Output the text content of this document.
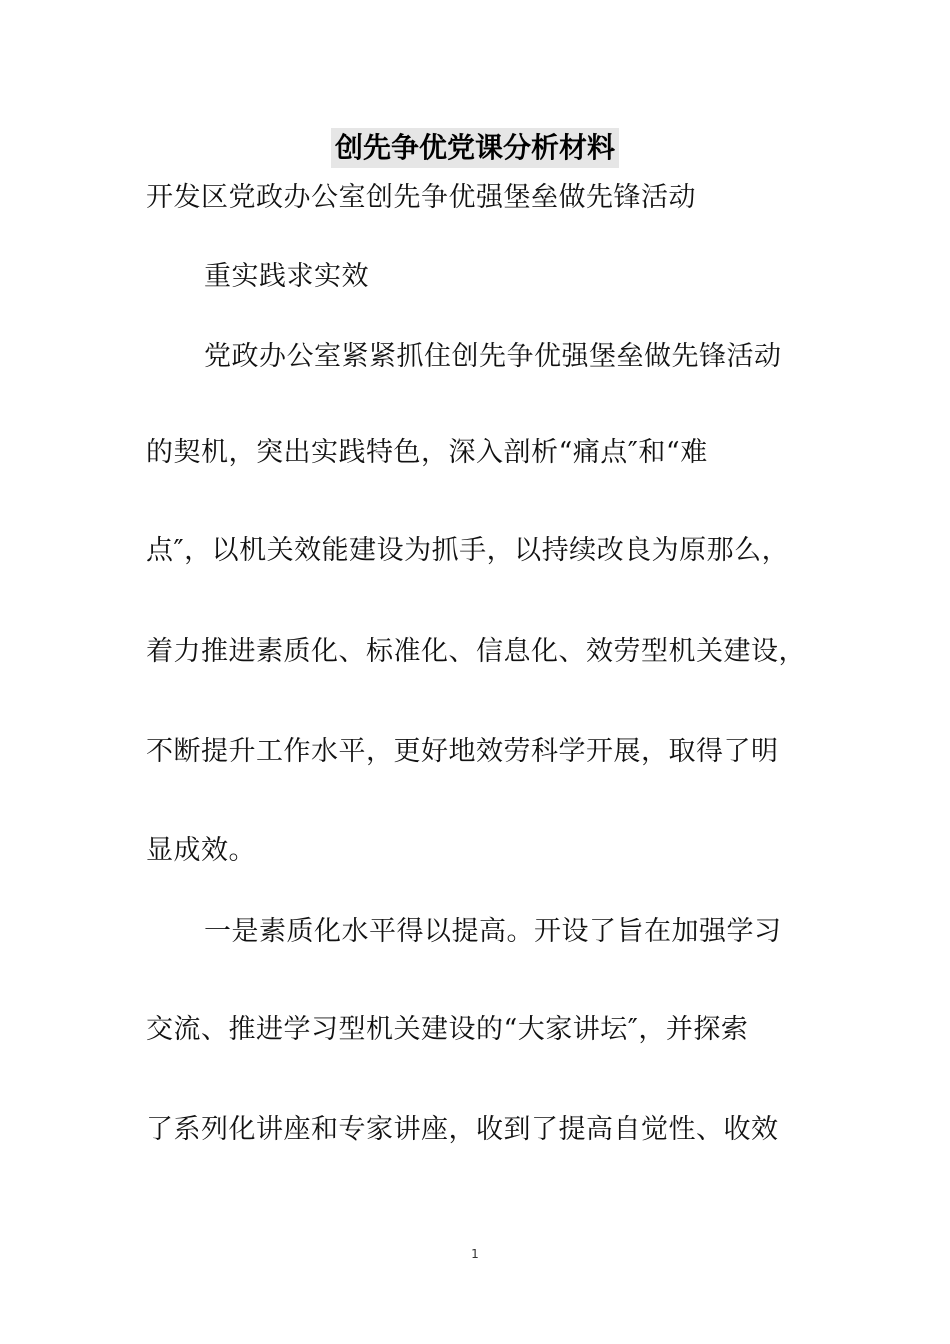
创先争优党课分析材料
开发区党政办公室创先争优强堡垒做先锋活动
重实践求实效
党政办公室紧紧抓住创先争优强堡垒做先锋活动
的契机，突出实践特色，深入剖析“痛点″和“难
点″，以机关效能建设为抓手，以持续改良为原那么，
着力推进素质化、标准化、信息化、效劳型机关建设，
不断提升工作水平，更好地效劳科学开展，取得了明
显成效。
一是素质化水平得以提高。开设了旨在加强学习
交流、推进学习型机关建设的“大家讲坛″，并探索
了系列化讲座和专家讲座，收到了提高自觉性、收效
1
